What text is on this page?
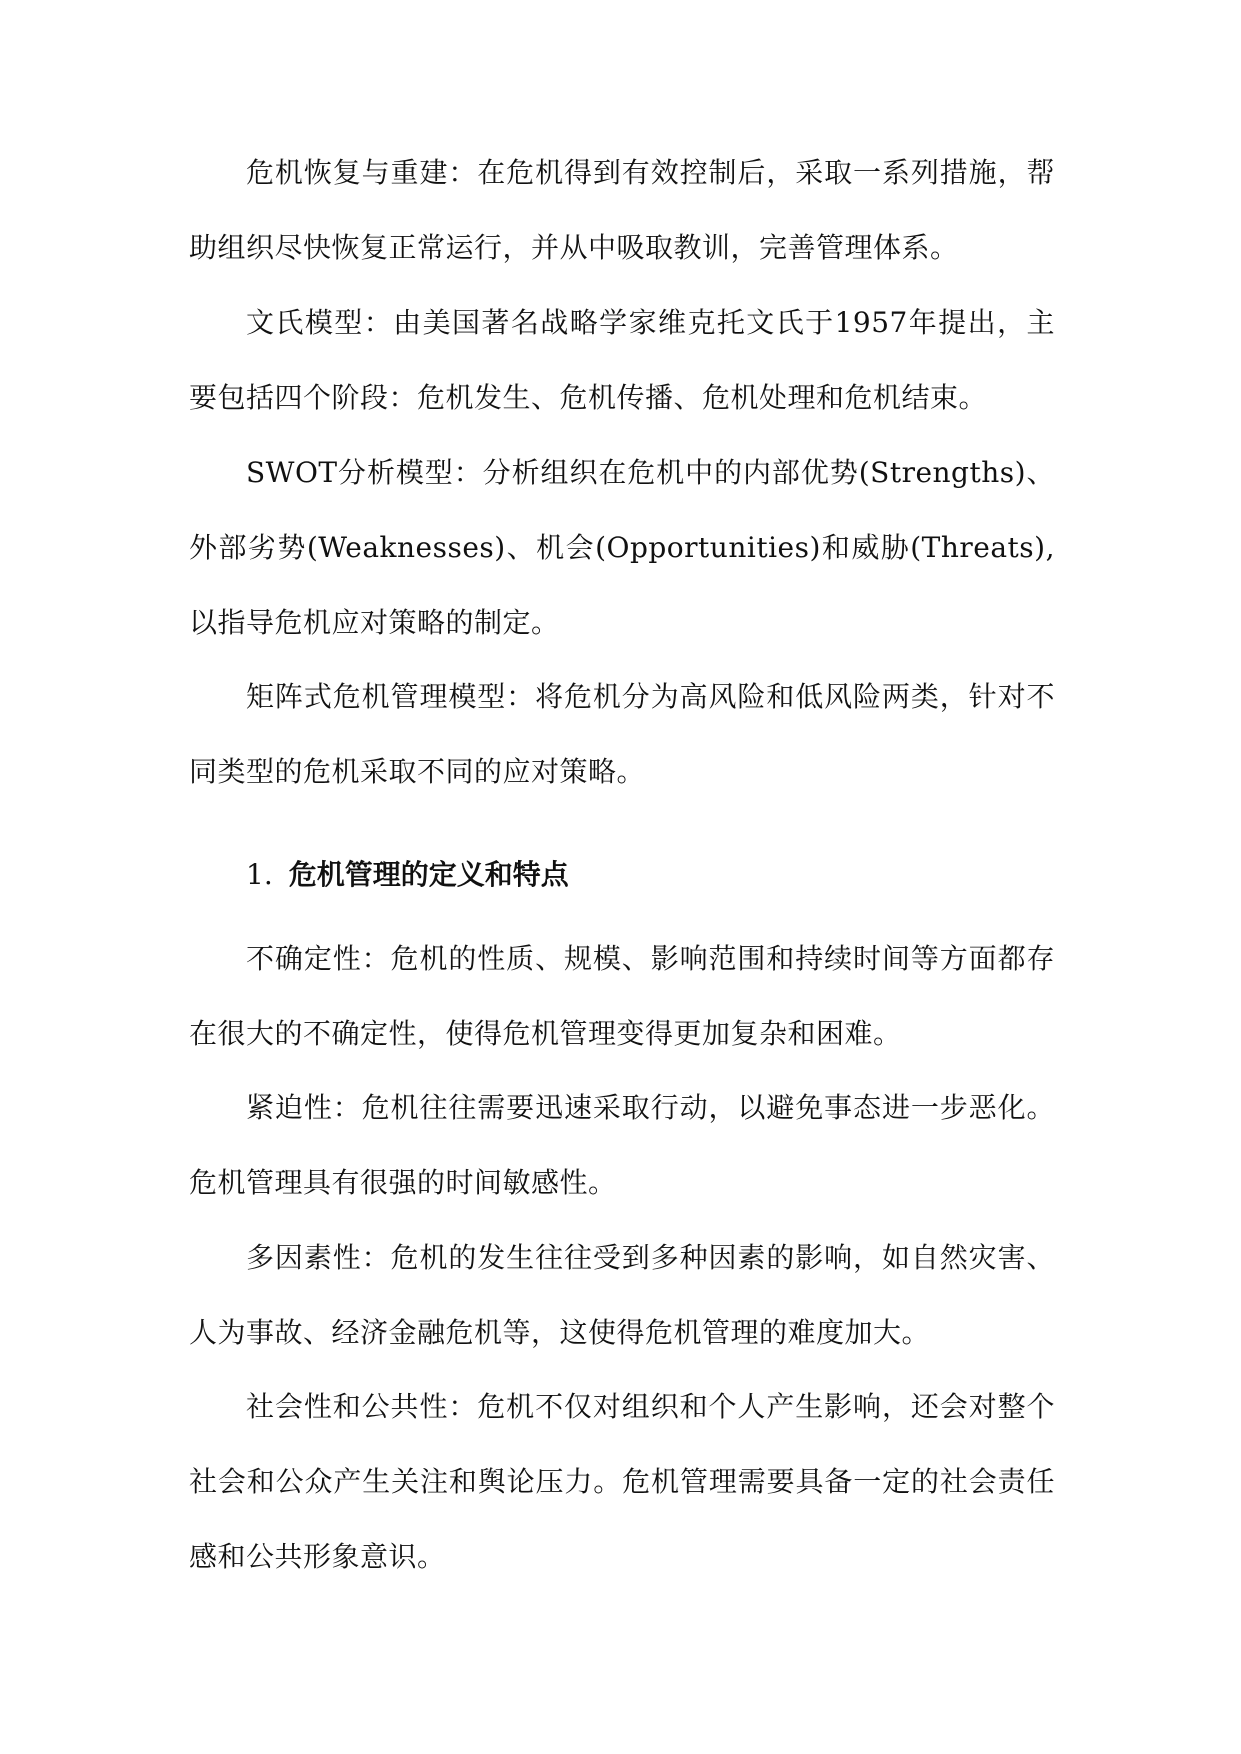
危机恢复与重建：在危机得到有效控制后，采取一系列措施，帮助组织尽快恢复正常运行，并从中吸取教训，完善管理体系。

文氏模型：由美国著名战略学家维克托文氏于1957年提出，主要包括四个阶段：危机发生、危机传播、危机处理和危机结束。

SWOT分析模型：分析组织在危机中的内部优势(Strengths)、外部劣势(Weaknesses)、机会(Opportunities)和威胁(Threats),以指导危机应对策略的制定。

矩阵式危机管理模型：将危机分为高风险和低风险两类，针对不同类型的危机采取不同的应对策略。

1. 危机管理的定义和特点

不确定性：危机的性质、规模、影响范围和持续时间等方面都存在很大的不确定性，使得危机管理变得更加复杂和困难。

紧迫性：危机往往需要迅速采取行动，以避免事态进一步恶化。危机管理具有很强的时间敏感性。

多因素性：危机的发生往往受到多种因素的影响，如自然灾害、人为事故、经济金融危机等，这使得危机管理的难度加大。

社会性和公共性：危机不仅对组织和个人产生影响，还会对整个社会和公众产生关注和舆论压力。危机管理需要具备一定的社会责任感和公共形象意识。
